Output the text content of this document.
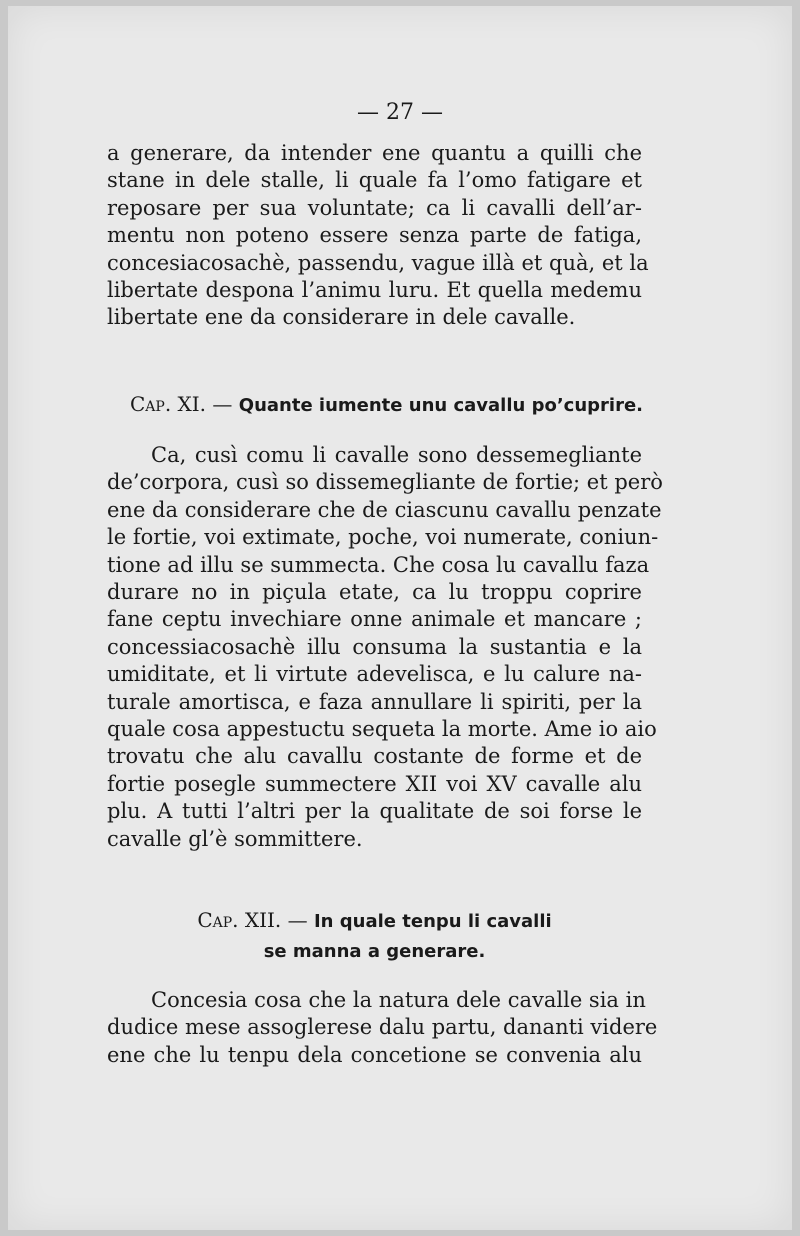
— 27 —
a generare, da intender ene quantu a quilli che
stane in dele stalle, li quale fa l’omo fatigare et
reposare per sua voluntate; ca li cavalli dell’ar-
mentu non poteno essere senza parte de fatiga,
concesiacosachè, passendu, vague illà et quà, et la
libertate despona l’animu luru. Et quella medemu
libertate ene da considerare in dele cavalle.
Cap. XI. — Quante iumente unu cavallu po’cuprire.
Ca, cusì comu li cavalle sono dessemegliante
de’corpora, cusì so dissemegliante de fortie; et però
ene da considerare che de ciascunu cavallu penzate
le fortie, voi extimate, poche, voi numerate, coniun-
tione ad illu se summecta. Che cosa lu cavallu faza
durare no in piçula etate, ca lu troppu coprire
fane ceptu invechiare onne animale et mancare ;
concessiacosachè illu consuma la sustantia e la
umiditate, et li virtute adevelisca, e lu calure na-
turale amortisca, e faza annullare li spiriti, per la
quale cosa appestuctu sequeta la morte. Ame io aio
trovatu che alu cavallu costante de forme et de
fortie posegle summectere XII voi XV cavalle alu
plu. A tutti l’altri per la qualitate de soi forse le
cavalle gl’è sommittere.
Cap. XII. — In quale tenpu li cavalli
se manna a generare.
Concesia cosa che la natura dele cavalle sia in
dudice mese assoglerese dalu partu, dananti videre
ene che lu tenpu dela concetione se convenia alu
